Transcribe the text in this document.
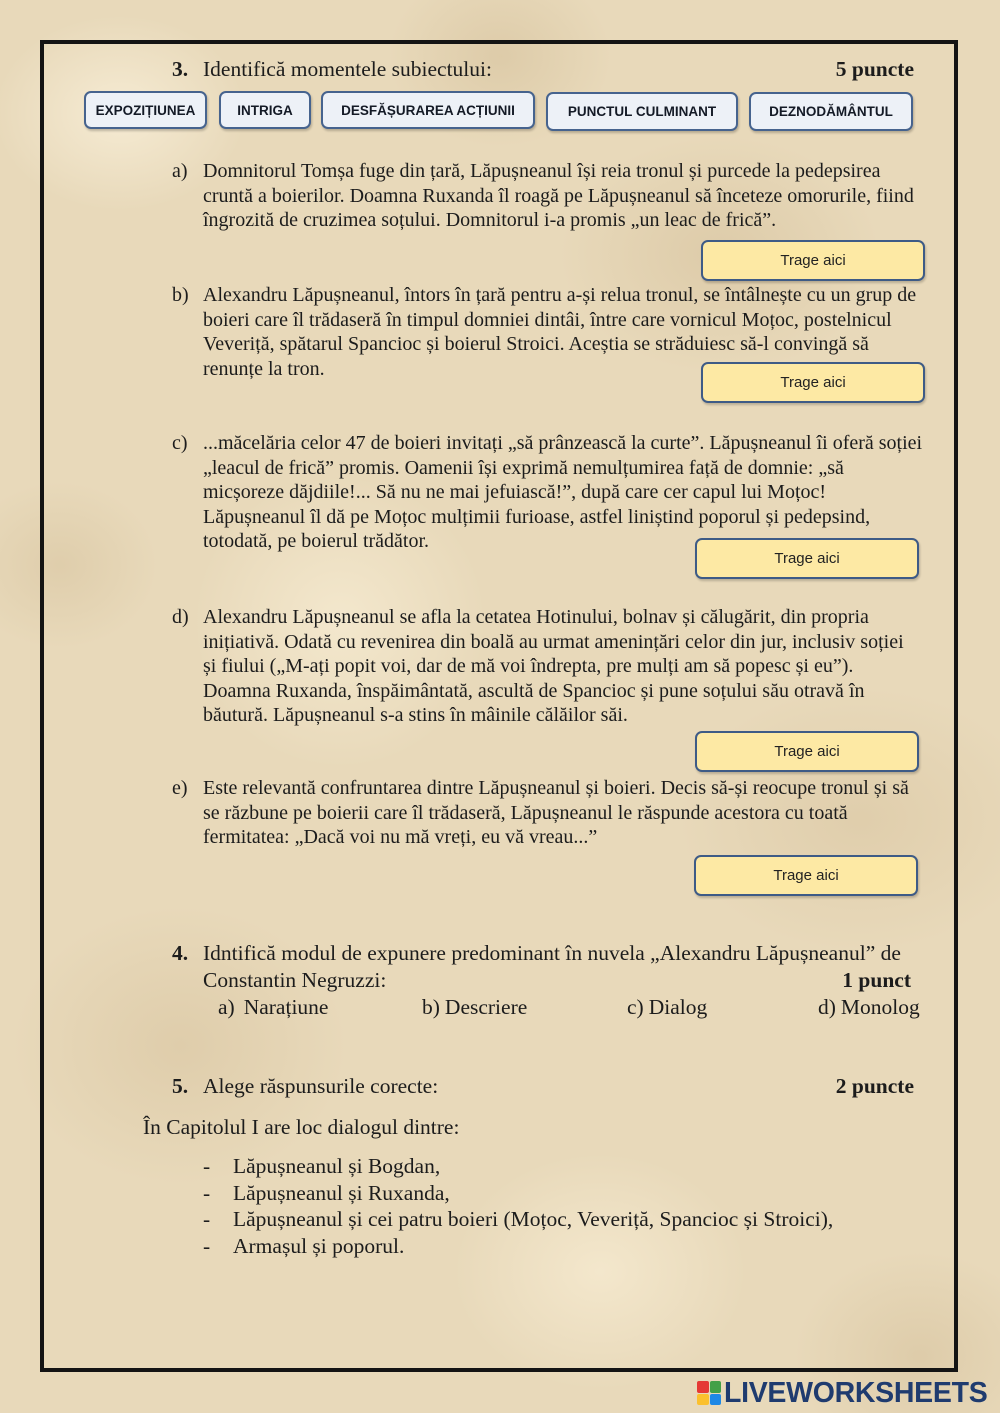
3. Identifică momentele subiectului:	5 puncte
EXPOZIȚIUNEA	INTRIGA	DESFĂȘURAREA ACȚIUNII	PUNCTUL CULMINANT	DEZNODĂMÂNTUL
a) Domnitorul Tomșa fuge din țară, Lăpușneanul își reia tronul și purcede la pedepsirea
cruntă a boierilor. Doamna Ruxanda îl roagă pe Lăpușneanul să înceteze omorurile, fiind
îngrozită de cruzimea soțului. Domnitorul i-a promis „un leac de frică”.
Trage aici
b) Alexandru Lăpușneanul, întors în țară pentru a-și relua tronul, se întâlnește cu un grup de
boieri care îl trădaseră în timpul domniei dintâi, între care vornicul Moțoc, postelnicul
Veveriță, spătarul Spancioc și boierul Stroici. Aceștia se străduiesc să-l convingă să
renunțe la tron.
Trage aici
c) ...măcelăria celor 47 de boieri invitați „să prânzească la curte”. Lăpușneanul îi oferă soției
„leacul de frică” promis. Oamenii își exprimă nemulțumirea față de domnie: „să
micșoreze dăjdiile!... Să nu ne mai jefuiască!”, după care cer capul lui Moțoc!
Lăpușneanul îl dă pe Moțoc mulțimii furioase, astfel liniștind poporul și pedepsind,
totodată, pe boierul trădător.
Trage aici
d) Alexandru Lăpușneanul se afla la cetatea Hotinului, bolnav și călugărit, din propria
inițiativă. Odată cu revenirea din boală au urmat amenințări celor din jur, inclusiv soției
și fiului („M-ați popit voi, dar de mă voi îndrepta, pre mulți am să popesc și eu”).
Doamna Ruxanda, înspăimântată, ascultă de Spancioc și pune soțului său otravă în
băutură. Lăpușneanul s-a stins în mâinile călăilor săi.
Trage aici
e) Este relevantă confruntarea dintre Lăpușneanul și boieri. Decis să-și reocupe tronul și să
se răzbune pe boierii care îl trădaseră, Lăpușneanul le răspunde acestora cu toată
fermitatea: „Dacă voi nu mă vreți, eu vă vreau...”
Trage aici
4. Idntifică modul de expunere predominant în nuvela „Alexandru Lăpușneanul” de
Constantin Negruzzi:	1 punct
a) Narațiune	b) Descriere	c) Dialog	d) Monolog
5. Alege răspunsurile corecte:	2 puncte
În Capitolul I are loc dialogul dintre:
- Lăpușneanul și Bogdan,
- Lăpușneanul și Ruxanda,
- Lăpușneanul și cei patru boieri (Moțoc, Veveriță, Spancioc și Stroici),
- Armașul și poporul.
LIVEWORKSHEETS
